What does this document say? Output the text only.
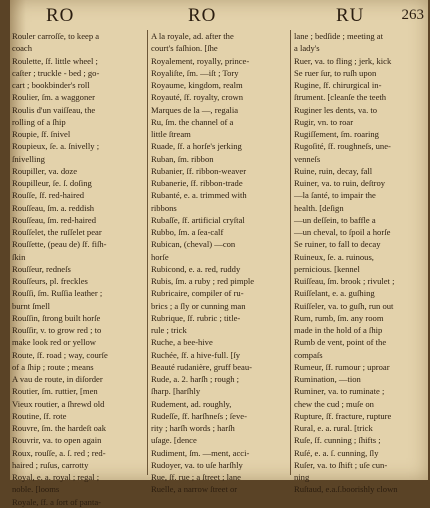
RO	RO	RU 263
Rouler carroſſe, to keep a
coach
Roulette, ſf. little wheel ;
caſter ; truckle - bed ; go-
cart ; bookbinder's roll
Roulier, ſm. a waggoner
Roulis d'un vaiſſeau, the
rolling of a ſhip
Roupie, ſf. ſnivel
Roupieux, ſe. a. ſnivelly ;
ſnivelling
Roupiller, va. doze
Roupilleur, ſe. ſ. doſing
Rouſſe, ſf. red-haired
Rouſſeau, ſm. a. reddish
Rouſſeau, ſm. red-haired
Rouſſelet, the ruſſelet pear
Rouſſette, (peau de) ſf. fiſh-
ſkin
Rouſſeur, redneſs
Rouſſeurs, pl. freckles
Rouſſi, ſm. Ruſſia leather ;
burnt ſmell
Rouſſin, ſtrong built horſe
Rouſſir, v. to grow red ; to
make look red or yellow
Route, ſf. road ; way, courſe
of a ſhip ; route ; means
A vau de route, in diſorder
Routier, ſm. ruttier, [men
Vieux routier, a ſhrewd old
Routine, ſf. rote
Rouvre, ſm. the hardeſt oak
Rouvrir, va. to open again
Roux, rouſſe, a. ſ. red ; red-
haired ; ruſus, carrotty
Royal, e. a. royal ; regal ;
noble. [looms
Royale, ſf. a ſort of panta-
A la royale, ad. after the
court's faſhion. [ſhe
Royalement, royally, prince-
Royaliſte, ſm. —iſt ; Tory
Royaume, kingdom, realm
Royauté, ſf. royalty, crown
Marques de la —, regalia
Ru, ſm. the channel of a
little ſtream
Ruade, ſf. a horſe's jerking
Ruban, ſm. ribbon
Rubanier, ſf. ribbon-weaver
Rubanerie, ſf. ribbon-trade
Rubanté, e. a. trimmed with
ribbons
Rubaſſe, ſf. artificial cryſtal
Rubbo, ſm. a ſea-calf
Rubican, (cheval) —con
horſe
Rubicond, e. a. red, ruddy
Rubis, ſm. a ruby ; red pimple
Rubricaire, compiler of ru-
brics ; a ſly or cunning man
Rubrique, ſf. rubric ; title-
rule ; trick
Ruche, a bee-hive
Ruchée, ſf. a hive-full. [ſy
Beauté rudanière, gruff beau-
Rude, a. 2. harſh ; rough ;
ſharp. [harſhly
Rudement, ad. roughly,
Rudeſſe, ſf. harſhneſs ; ſeve-
rity ; harſh words ; harſh
uſage. [dence
Rudiment, ſm. —ment, acci-
Rudoyer, va. to uſe harſhly
Rue, ſf. rue ; a ſtreet ; lane
Ruelle, a narrow ſtreet or
lane ; bedſide ; meeting at
a lady's
Ruer, va. to fling ; jerk, kick
Se ruer ſur, to ruſh upon
Rugine, ſf. chirurgical in-
ſtrument. [cleanſe the teeth
Ruginer les dents, va. to
Rugir, vn. to roar
Rugiſſement, ſm. roaring
Rugoſité, ſf. roughneſs, une-
venneſs
Ruine, ruin, decay, fall
Ruiner, va. to ruin, deſtroy
—la ſanté, to impair the
health. [deſign
—un deſſein, to baffle a
—un cheval, to ſpoil a horſe
Se ruiner, to fall to decay
Ruineux, ſe. a. ruinous,
pernicious. [kennel
Ruiſſeau, ſm. brook ; rivulet ;
Ruiſſelant, e. a. guſhing
Ruiſſeler, va. to guſh, run out
Rum, rumb, ſm. any room
made in the hold of a ſhip
Rumb de vent, point of the
compaſs
Rumeur, ſf. rumour ; uproar
Rumination, —tion
Ruminer, va. to ruminate ;
chew the cud ; muſe on
Rupture, ſf. fracture, rupture
Rural, e. a. rural. [trick
Ruſe, ſf. cunning ; ſhifts ;
Ruſé, e. a. ſ. cunning, ſly
Ruſer, va. to ſhift ; uſe cun-
ning
Ruſtaud, e.a.ſ.boorishly clown
